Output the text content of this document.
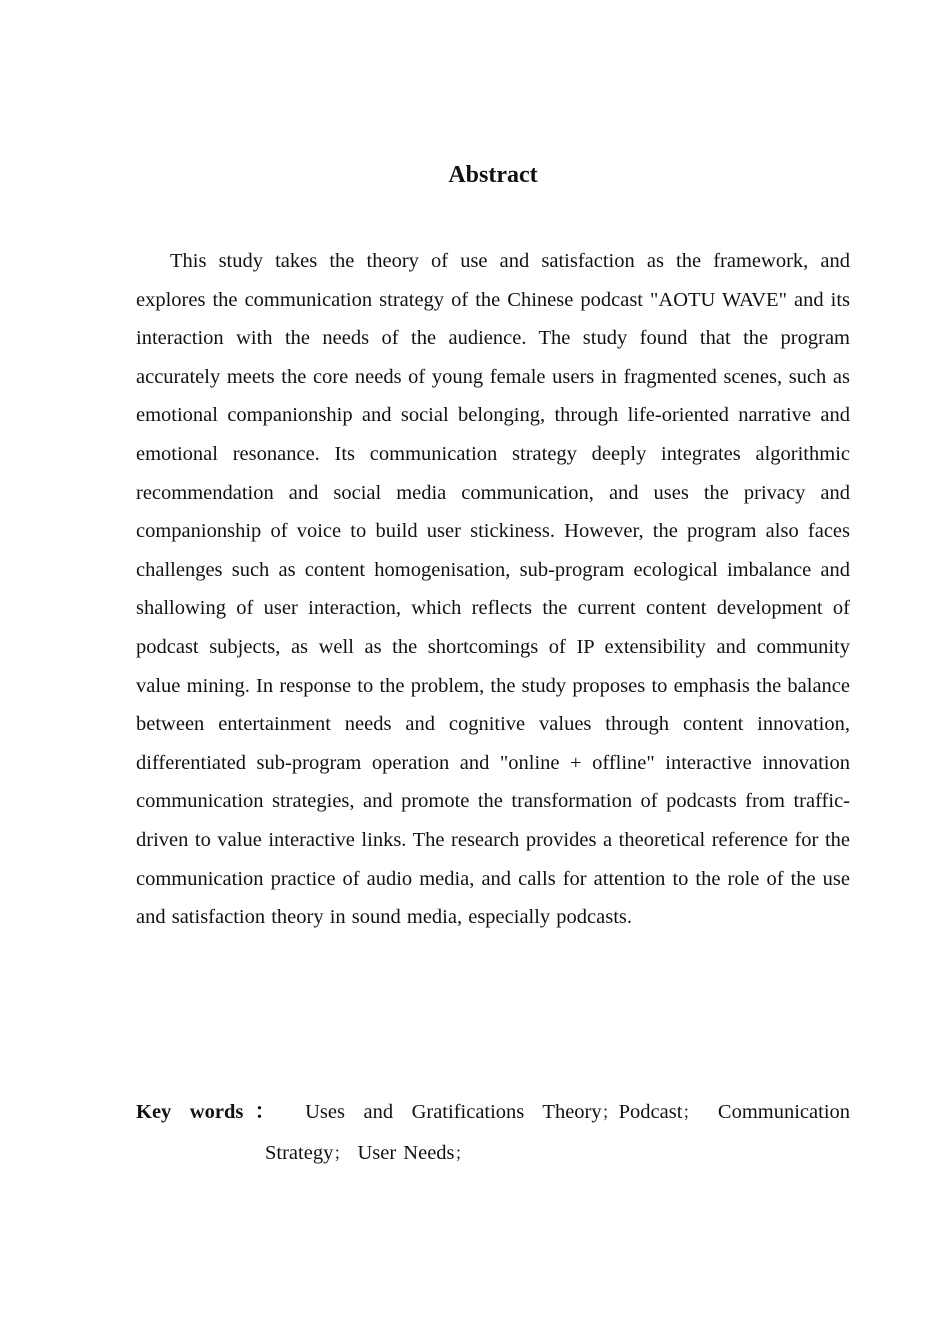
Abstract

This study takes the theory of use and satisfaction as the framework, and explores the communication strategy of the Chinese podcast "AOTU WAVE" and its interaction with the needs of the audience. The study found that the program accurately meets the core needs of young female users in fragmented scenes, such as emotional companionship and social belonging, through life-oriented narrative and emotional resonance. Its communication strategy deeply integrates algorithmic recommendation and social media communication, and uses the privacy and companionship of voice to build user stickiness. However, the program also faces challenges such as content homogenisation, sub-program ecological imbalance and shallowing of user interaction, which reflects the current content development of podcast subjects, as well as the shortcomings of IP extensibility and community value mining. In response to the problem, the study proposes to emphasis the balance between entertainment needs and cognitive values through content innovation, differentiated sub-program operation and "online + offline" interactive innovation communication strategies, and promote the transformation of podcasts from traffic-driven to value interactive links. The research provides a theoretical reference for the communication practice of audio media, and calls for attention to the role of the use and satisfaction theory in sound media, especially podcasts.

Key words： Uses and Gratifications Theory；Podcast； Communication Strategy； User Needs；
